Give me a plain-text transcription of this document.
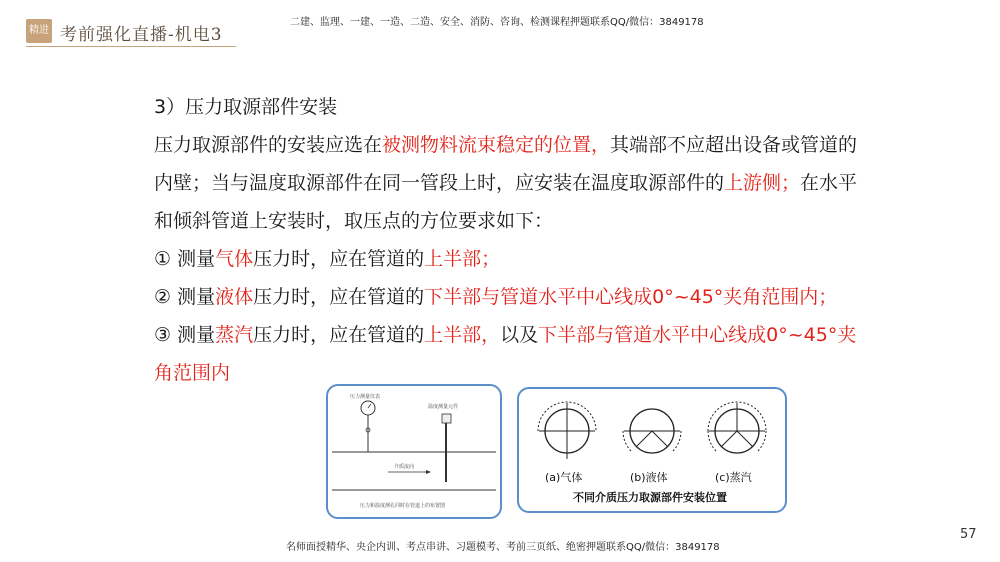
精进 考前强化直播-机电3
二建、监理、一建、一造、二造、安全、消防、咨询、检测课程押题联系QQ/微信：3849178

3）压力取源部件安装

压力取源部件的安装应选在被测物料流束稳定的位置，其端部不应超出设备或管道的内壁；当与温度取源部件在同一管段上时，应安装在温度取源部件的上游侧；在水平和倾斜管道上安装时，取压点的方位要求如下：

① 测量气体压力时，应在管道的上半部；

② 测量液体压力时，应在管道的下半部与管道水平中心线成0°~45°夹角范围内；

③ 测量蒸汽压力时，应在管道的上半部，以及下半部与管道水平中心线成0°~45°夹角范围内

压力测量仪表
温度测量元件
介质流向
压力和温度测孔同时在管道上的布置图
(a)气体	(b)液体	(c)蒸汽
不同介质压力取源部件安装位置
名师面授精华、央企内训、考点串讲、习题模考、考前三页纸、绝密押题联系QQ/微信：3849178
57
